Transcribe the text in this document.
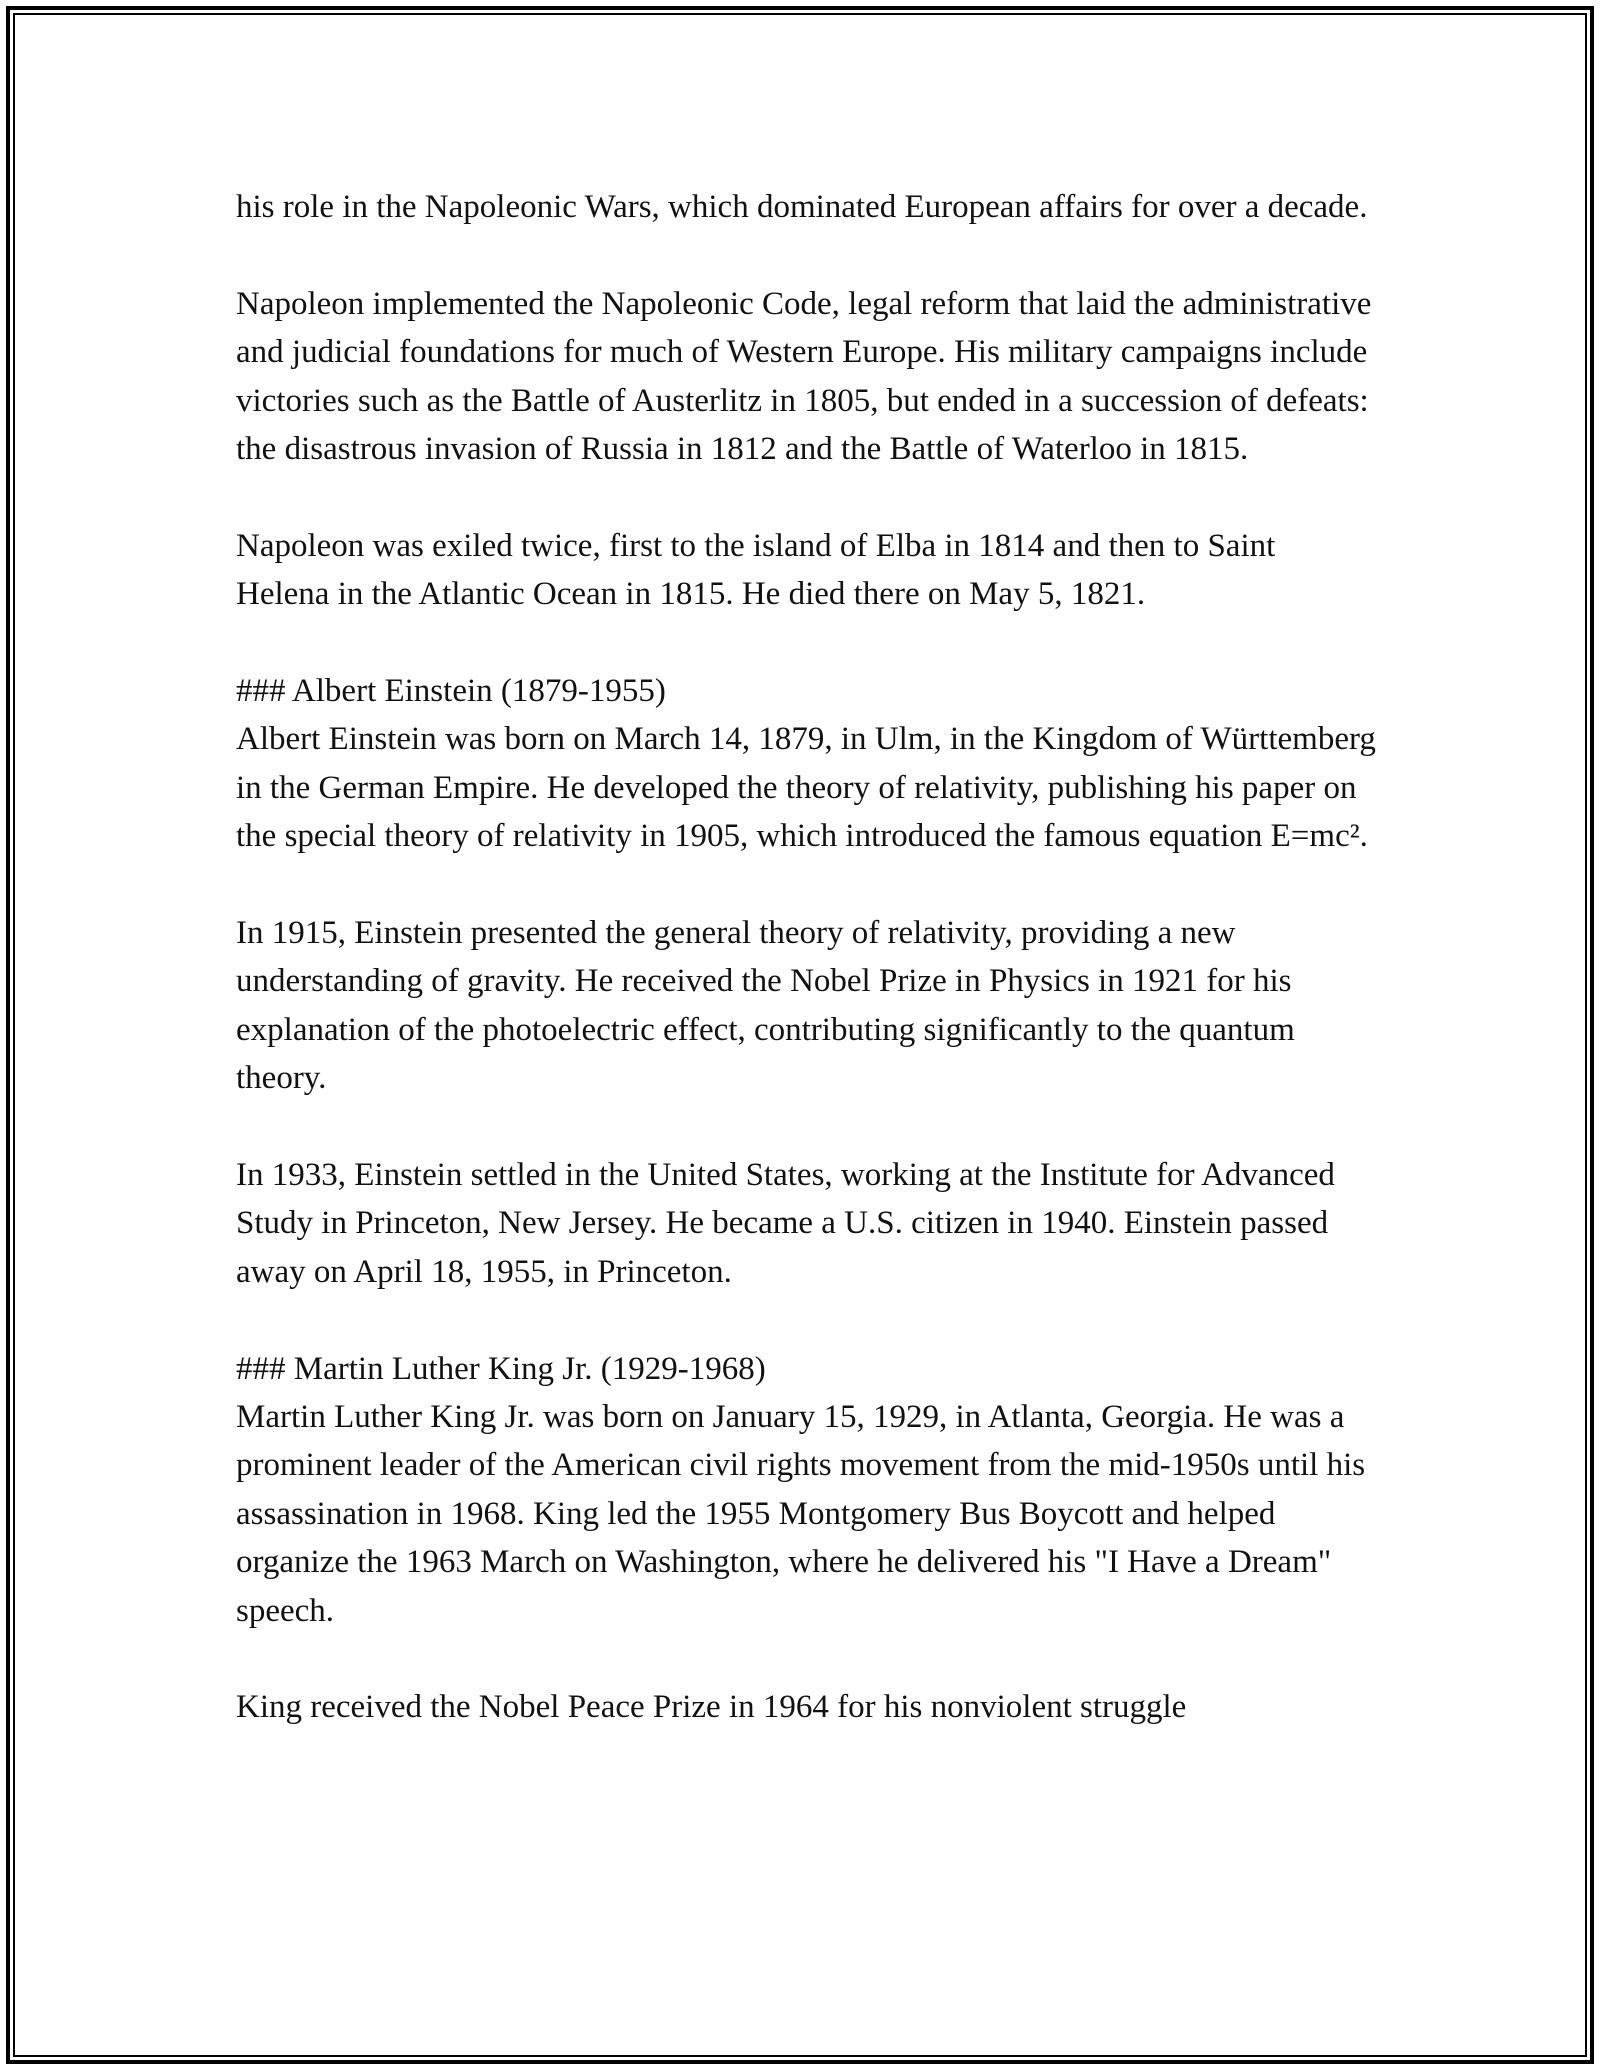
his role in the Napoleonic Wars, which dominated European affairs for over a decade.

Napoleon implemented the Napoleonic Code, legal reform that laid the administrative and judicial foundations for much of Western Europe. His military campaigns include victories such as the Battle of Austerlitz in 1805, but ended in a succession of defeats: the disastrous invasion of Russia in 1812 and the Battle of Waterloo in 1815.

Napoleon was exiled twice, first to the island of Elba in 1814 and then to Saint Helena in the Atlantic Ocean in 1815. He died there on May 5, 1821.

### Albert Einstein (1879-1955)

Albert Einstein was born on March 14, 1879, in Ulm, in the Kingdom of Württemberg in the German Empire. He developed the theory of relativity, publishing his paper on the special theory of relativity in 1905, which introduced the famous equation E=mc².

In 1915, Einstein presented the general theory of relativity, providing a new understanding of gravity. He received the Nobel Prize in Physics in 1921 for his explanation of the photoelectric effect, contributing significantly to the quantum theory.

In 1933, Einstein settled in the United States, working at the Institute for Advanced Study in Princeton, New Jersey. He became a U.S. citizen in 1940. Einstein passed away on April 18, 1955, in Princeton.

### Martin Luther King Jr. (1929-1968)

Martin Luther King Jr. was born on January 15, 1929, in Atlanta, Georgia. He was a prominent leader of the American civil rights movement from the mid-1950s until his assassination in 1968. King led the 1955 Montgomery Bus Boycott and helped organize the 1963 March on Washington, where he delivered his "I Have a Dream" speech.

King received the Nobel Peace Prize in 1964 for his nonviolent struggle
